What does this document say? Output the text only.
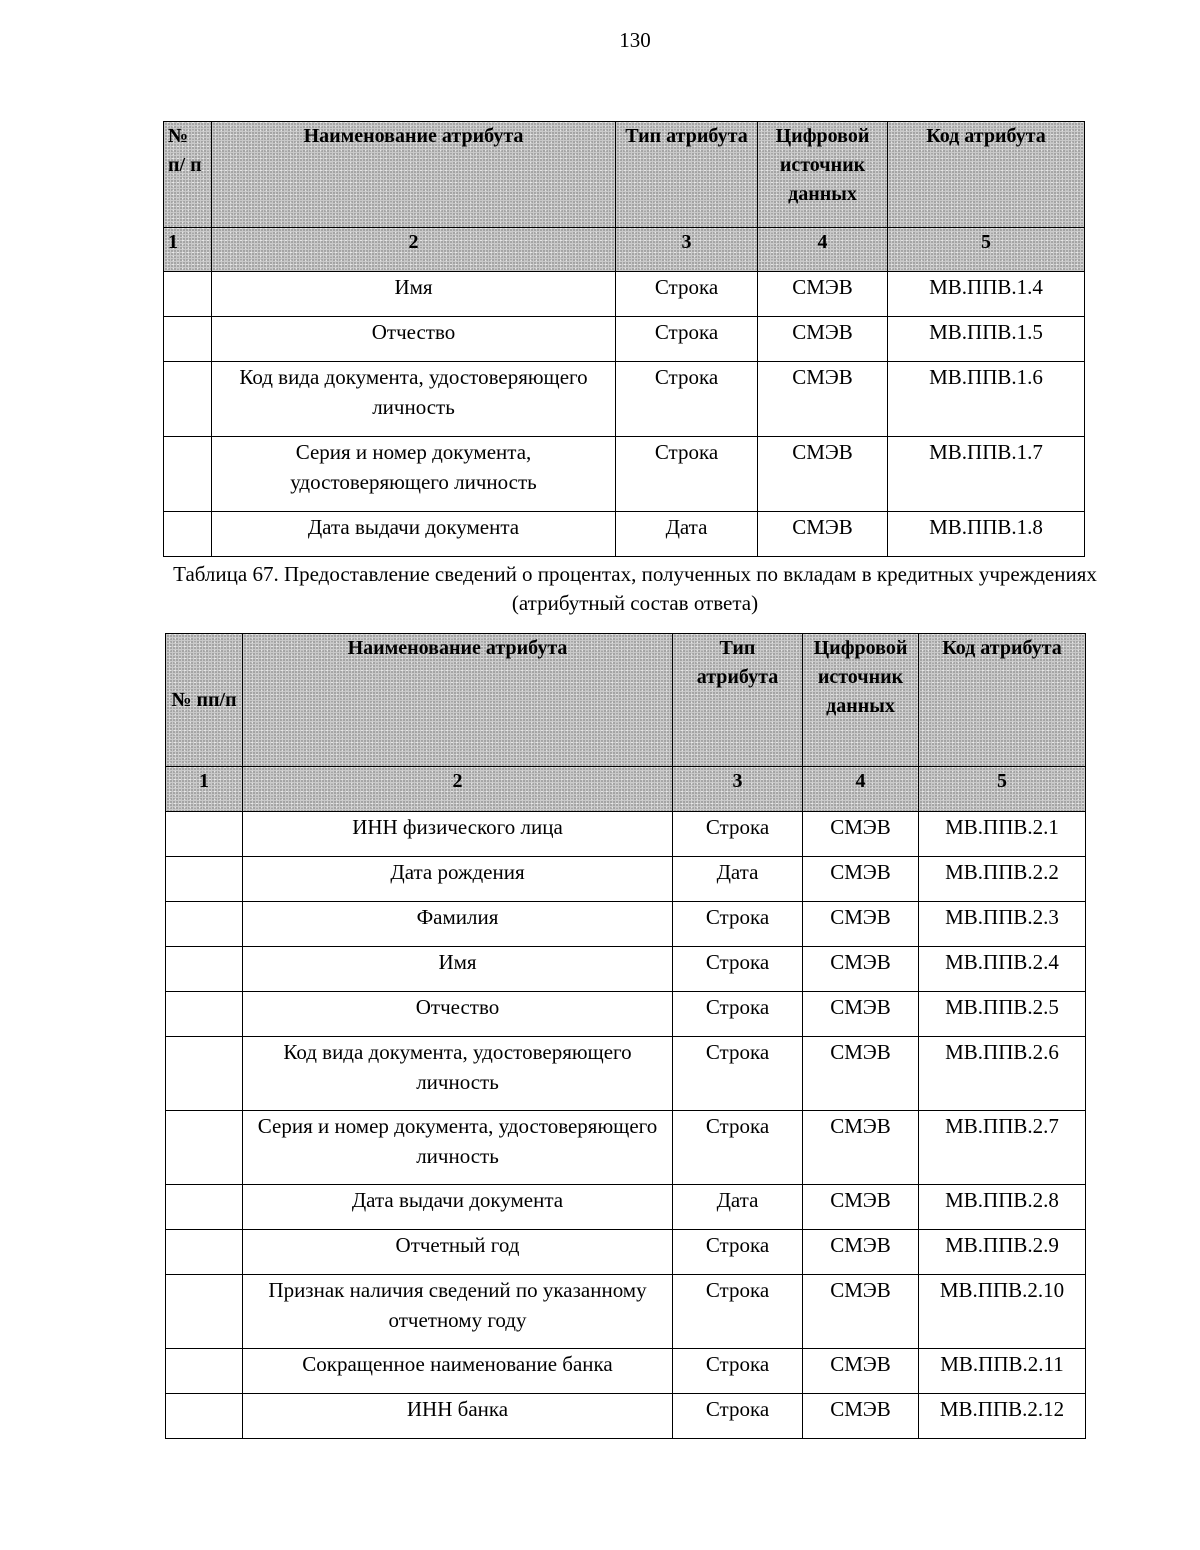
130
№ п/ п	Наименование атрибута	Тип атрибута	Цифровой источник данных	Код атрибута
1	2	3	4	5
	Имя	Строка	СМЭВ	МВ.ППВ.1.4
	Отчество	Строка	СМЭВ	МВ.ППВ.1.5
	Код вида документа, удостоверяющего личность	Строка	СМЭВ	МВ.ППВ.1.6
	Серия и номер документа, удостоверяющего личность	Строка	СМЭВ	МВ.ППВ.1.7
	Дата выдачи документа	Дата	СМЭВ	МВ.ППВ.1.8
Таблица 67. Предоставление сведений о процентах, полученных по вкладам в кредитных учреждениях (атрибутный состав ответа)
№ пп/п	Наименование атрибута	Тип атрибута	Цифровой источник данных	Код атрибута
1	2	3	4	5
	ИНН физического лица	Строка	СМЭВ	МВ.ППВ.2.1
	Дата рождения	Дата	СМЭВ	МВ.ППВ.2.2
	Фамилия	Строка	СМЭВ	МВ.ППВ.2.3
	Имя	Строка	СМЭВ	МВ.ППВ.2.4
	Отчество	Строка	СМЭВ	МВ.ППВ.2.5
	Код вида документа, удостоверяющего личность	Строка	СМЭВ	МВ.ППВ.2.6
	Серия и номер документа, удостоверяющего личность	Строка	СМЭВ	МВ.ППВ.2.7
	Дата выдачи документа	Дата	СМЭВ	МВ.ППВ.2.8
	Отчетный год	Строка	СМЭВ	МВ.ППВ.2.9
	Признак наличия сведений по указанному отчетному году	Строка	СМЭВ	МВ.ППВ.2.10
	Сокращенное наименование банка	Строка	СМЭВ	МВ.ППВ.2.11
	ИНН банка	Строка	СМЭВ	МВ.ППВ.2.12
